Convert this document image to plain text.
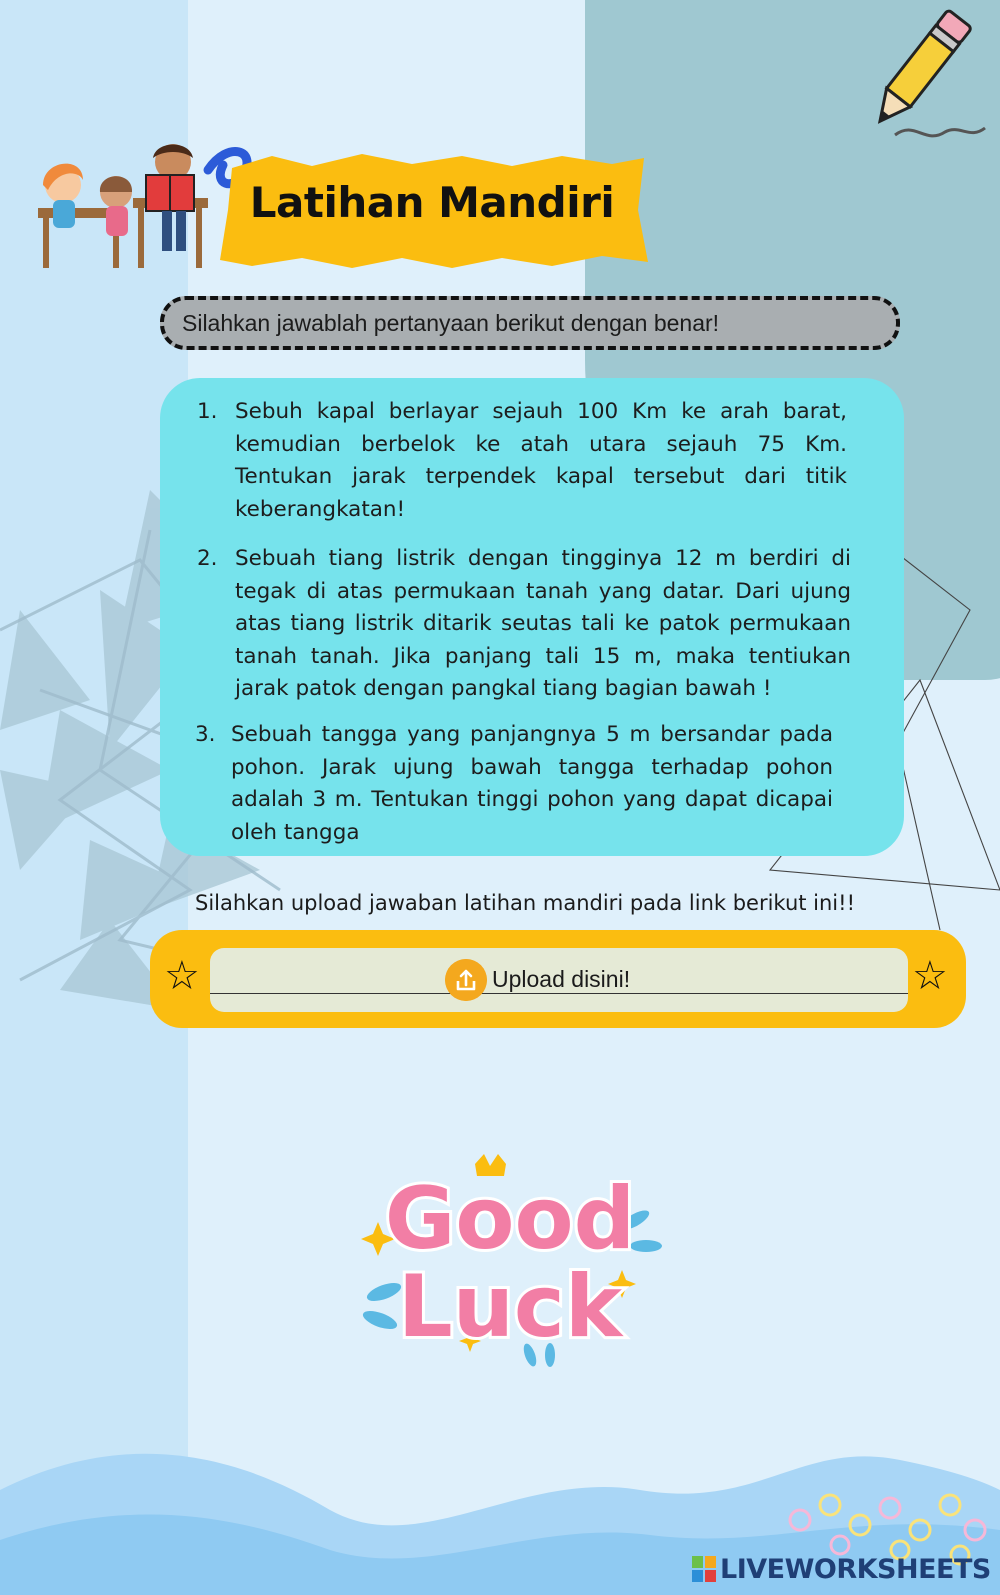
Latihan Mandiri
Silahkan jawablah pertanyaan berikut dengan benar!
1. Sebuh kapal berlayar sejauh 100 Km ke arah barat,
kemudian berbelok ke atah utara sejauh 75 Km.
Tentukan jarak terpendek kapal tersebut dari titik
keberangkatan!
2. Sebuah tiang listrik dengan tingginya 12 m berdiri di
tegak di atas permukaan tanah yang datar. Dari ujung
atas tiang listrik ditarik seutas tali ke patok permukaan
tanah tanah. Jika panjang tali 15 m, maka tentiukan
jarak patok dengan pangkal tiang bagian bawah !
3. Sebuah tangga yang panjangnya 5 m bersandar pada
pohon. Jarak ujung bawah tangga terhadap pohon
adalah 3 m. Tentukan tinggi pohon yang dapat dicapai
oleh tangga
Silahkan upload jawaban latihan mandiri pada link berikut ini!!
☆	☆
Upload disini!
Good
Luck
LIVEWORKSHEETS
